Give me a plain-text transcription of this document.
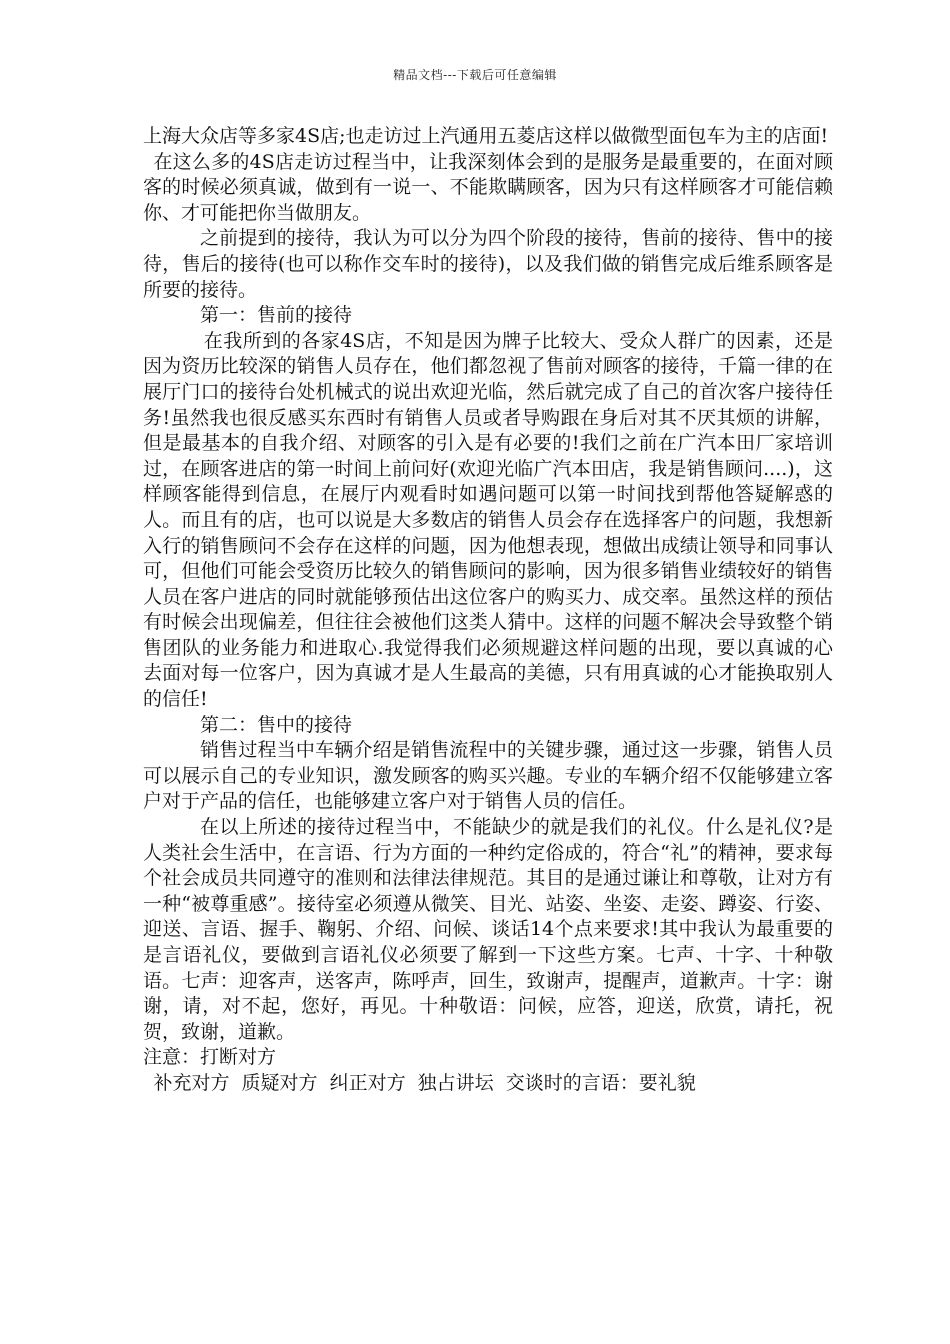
精品文档---下载后可任意编辑

上海大众店等多家4S店;也走访过上汽通用五菱店这样以做微型面包车为主的店面!

在这么多的4S店走访过程当中，让我深刻体会到的是服务是最重要的，在面对顾客的时候必须真诚，做到有一说一、不能欺瞒顾客，因为只有这样顾客才可能信赖你、才可能把你当做朋友。

之前提到的接待，我认为可以分为四个阶段的接待，售前的接待、售中的接待，售后的接待(也可以称作交车时的接待)，以及我们做的销售完成后维系顾客是所要的接待。

第一：售前的接待

在我所到的各家4S店，不知是因为牌子比较大、受众人群广的因素，还是因为资历比较深的销售人员存在，他们都忽视了售前对顾客的接待，千篇一律的在展厅门口的接待台处机械式的说出欢迎光临，然后就完成了自己的首次客户接待任务!虽然我也很反感买东西时有销售人员或者导购跟在身后对其不厌其烦的讲解，但是最基本的自我介绍、对顾客的引入是有必要的!我们之前在广汽本田厂家培训过，在顾客进店的第一时间上前问好(欢迎光临广汽本田店，我是销售顾问....)，这样顾客能得到信息，在展厅内观看时如遇问题可以第一时间找到帮他答疑解惑的人。而且有的店，也可以说是大多数店的销售人员会存在选择客户的问题，我想新入行的销售顾问不会存在这样的问题，因为他想表现，想做出成绩让领导和同事认可，但他们可能会受资历比较久的销售顾问的影响，因为很多销售业绩较好的销售人员在客户进店的同时就能够预估出这位客户的购买力、成交率。虽然这样的预估有时候会出现偏差，但往往会被他们这类人猜中。这样的问题不解决会导致整个销售团队的业务能力和进取心.我觉得我们必须规避这样问题的出现，要以真诚的心去面对每一位客户，因为真诚才是人生最高的美德，只有用真诚的心才能换取别人的信任!

第二：售中的接待

销售过程当中车辆介绍是销售流程中的关键步骤，通过这一步骤，销售人员可以展示自己的专业知识，激发顾客的购买兴趣。专业的车辆介绍不仅能够建立客户对于产品的信任，也能够建立客户对于销售人员的信任。

在以上所述的接待过程当中，不能缺少的就是我们的礼仪。什么是礼仪?是人类社会生活中，在言语、行为方面的一种约定俗成的，符合“礼”的精神，要求每个社会成员共同遵守的准则和法律法律规范。其目的是通过谦让和尊敬，让对方有一种“被尊重感”。接待室必须遵从微笑、目光、站姿、坐姿、走姿、蹲姿、行姿、迎送、言语、握手、鞠躬、介绍、问候、谈话14个点来要求!其中我认为最重要的是言语礼仪，要做到言语礼仪必须要了解到一下这些方案。七声、十字、十种敬语。七声：迎客声，送客声，陈呼声，回生，致谢声，提醒声，道歉声。十字：谢谢，请，对不起，您好，再见。十种敬语：问候，应答，迎送，欣赏，请托，祝贺，致谢，道歉。

注意：打断对方

补充对方  质疑对方  纠正对方  独占讲坛  交谈时的言语：要礼貌
